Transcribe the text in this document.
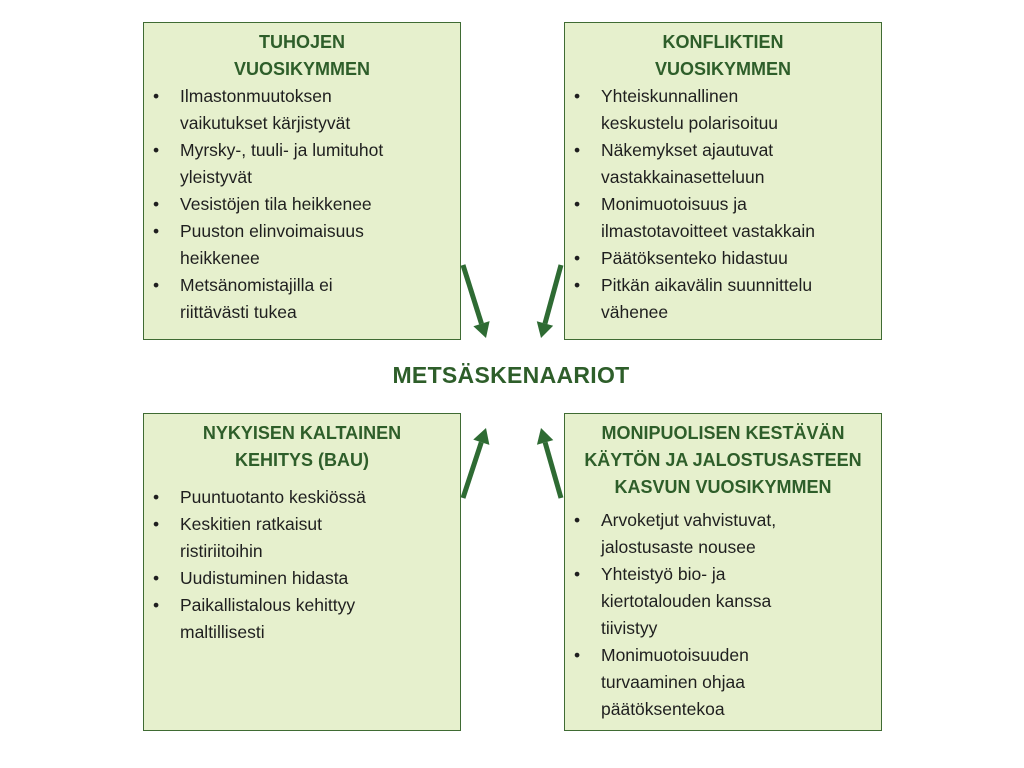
TUHOJEN
VUOSIKYMMEN
• Ilmastonmuutoksen
vaikutukset kärjistyvät
• Myrsky-, tuuli- ja lumituhot
yleistyvät
• Vesistöjen tila heikkenee
• Puuston elinvoimaisuus
heikkenee
• Metsänomistajilla ei
riittävästi tukea
KONFLIKTIEN
VUOSIKYMMEN
• Yhteiskunnallinen
keskustelu polarisoituu
• Näkemykset ajautuvat
vastakkainasetteluun
• Monimuotoisuus ja
ilmastotavoitteet vastakkain
• Päätöksenteko hidastuu
• Pitkän aikavälin suunnittelu
vähenee
NYKYISEN KALTAINEN
KEHITYS (BAU)
• Puuntuotanto keskiössä
• Keskitien ratkaisut
ristiriitoihin
• Uudistuminen hidasta
• Paikallistalous kehittyy
maltillisesti
MONIPUOLISEN KESTÄVÄN
KÄYTÖN JA JALOSTUSASTEEN
KASVUN VUOSIKYMMEN
• Arvoketjut vahvistuvat,
jalostusaste nousee
• Yhteistyö bio- ja
kiertotalouden kanssa
tiivistyy
• Monimuotoisuuden
turvaaminen ohjaa
päätöksentekoa
METSÄSKENAARIOT
